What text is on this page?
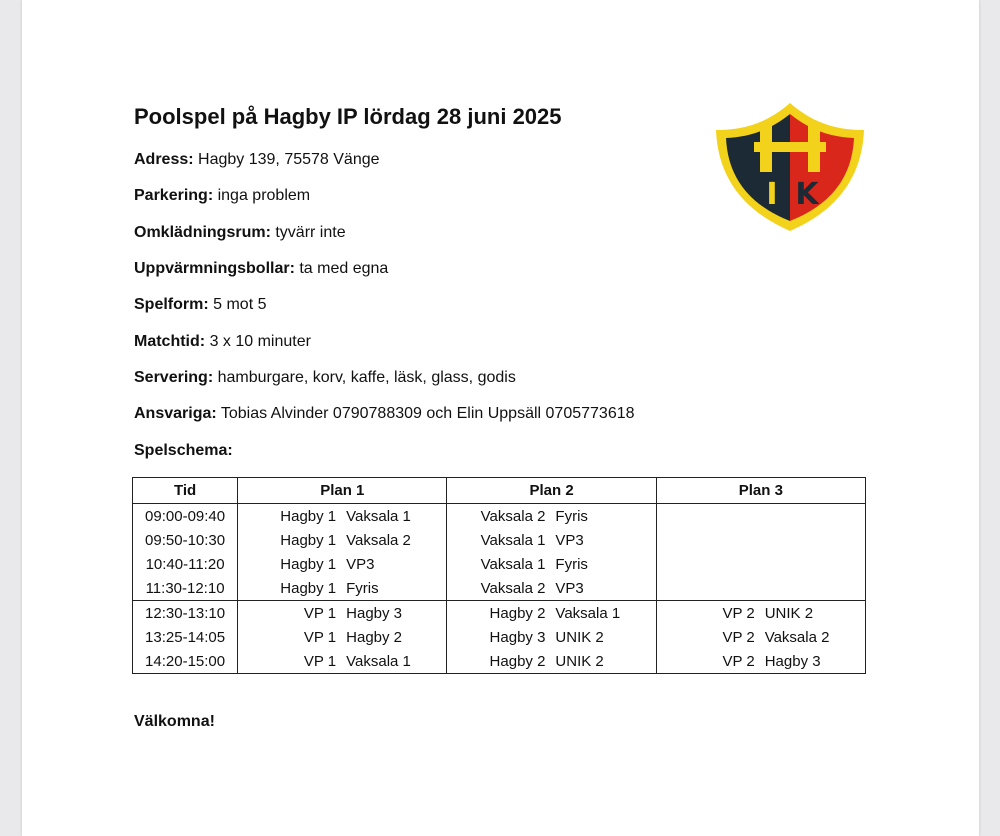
Poolspel på Hagby IP lördag 28 juni 2025
Adress: Hagby 139, 75578 Vänge
Parkering: inga problem
Omklädningsrum: tyvärr inte
Uppvärmningsbollar: ta med egna
Spelform: 5 mot 5
Matchtid: 3 x 10 minuter
Servering: hamburgare, korv, kaffe, läsk, glass, godis
Ansvariga: Tobias Alvinder 0790788309 och Elin Uppsäll 0705773618
Spelschema:
I K
Tid	Plan 1	Plan 2	Plan 3
09:00-09:40	Hagby 1 Vaksala 1	Vaksala 2 Fyris	

09:50-10:30	Hagby 1 Vaksala 2	Vaksala 1 VP3	

10:40-11:20	Hagby 1 VP3	Vaksala 1 Fyris	

11:30-12:10	Hagby 1 Fyris	Vaksala 2 VP3	

12:30-13:10	VP 1 Hagby 3	Hagby 2 Vaksala 1	VP 2 UNIK 2

13:25-14:05	VP 1 Hagby 2	Hagby 3 UNIK 2	VP 2 Vaksala 2

14:20-15:00	VP 1 Vaksala 1	Hagby 2 UNIK 2	VP 2 Hagby 3
Välkomna!
